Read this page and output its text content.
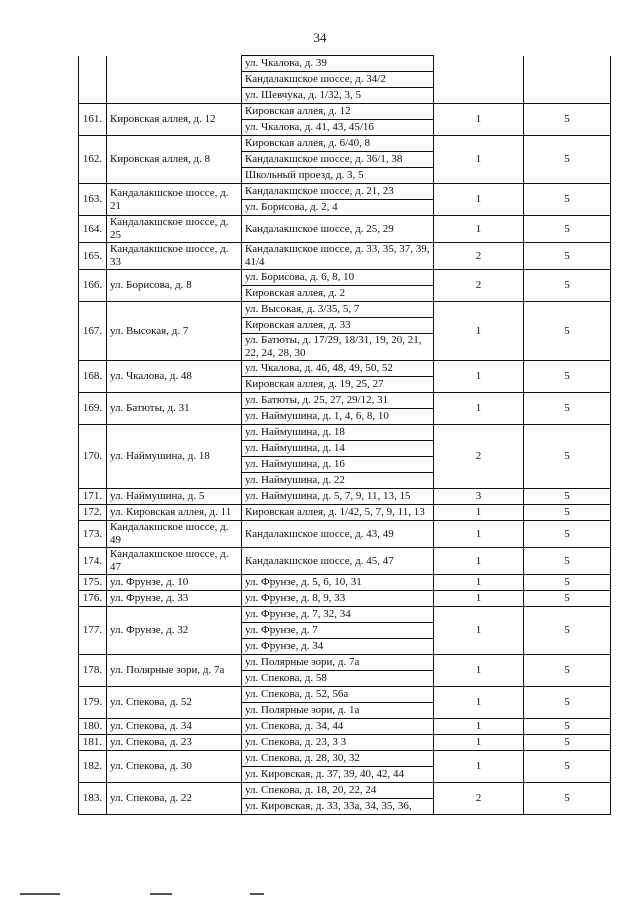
34
		ул. Чкалова, д. 39		
		Кандалакшское шоссе, д. 34/2		
		ул. Шевчука, д. 1/32, 3, 5		
161.	Кировская аллея, д. 12	Кировская аллея, д. 12	1	5
		ул. Чкалова, д. 41, 43, 45/16		
162.	Кировская аллея, д. 8	Кировская аллея, д. 6/40, 8	1	5
		Кандалакшское шоссе, д. 36/1, 38		
		Школьный проезд, д. 3, 5		
163.	Кандалакшское шоссе, д. 21	Кандалакшское шоссе, д. 21, 23	1	5
		ул. Борисова, д. 2, 4		
164.	Кандалакшское шоссе, д. 25	Кандалакшское шоссе, д. 25, 29	1	5
165.	Кандалакшское шоссе, д. 33	Кандалакшское шоссе, д. 33, 35, 37, 39, 41/4	2	5
166.	ул. Борисова, д. 8	ул. Борисова, д. 6, 8, 10	2	5
		Кировская аллея, д. 2		
167.	ул. Высокая, д. 7	ул. Высокая, д. 3/35, 5, 7	1	5
		Кировская аллея, д. 33		
		ул. Батюты, д. 17/29, 18/31, 19, 20, 21, 22, 24, 28, 30		
168.	ул. Чкалова, д. 48	ул. Чкалова, д. 46, 48, 49, 50, 52	1	5
		Кировская аллея, д. 19, 25, 27		
169.	ул. Батюты, д. 31	ул. Батюты, д. 25, 27, 29/12, 31	1	5
		ул. Наймушина, д. 1, 4, 6, 8, 10		
170.	ул. Наймушина, д. 18	ул. Наймушина, д. 18	2	5
		ул. Наймушина, д. 14		
		ул. Наймушина, д. 16		
		ул. Наймушина, д. 22		
171.	ул. Наймушина, д. 5	ул. Наймушина, д. 5, 7, 9, 11, 13, 15	3	5
172.	ул. Кировская аллея, д. 11	Кировская аллея, д. 1/42, 5, 7, 9, 11, 13	1	5
173.	Кандалакшское шоссе, д. 49	Кандалакшское шоссе, д. 43, 49	1	5
174.	Кандалакшское шоссе, д. 47	Кандалакшское шоссе, д. 45, 47	1	5
175.	ул. Фрунзе, д. 10	ул. Фрунзе, д. 5, 6, 10, 31	1	5
176.	ул. Фрунзе, д. 33	ул. Фрунзе, д. 8, 9, 33	1	5
177.	ул. Фрунзе, д. 32	ул. Фрунзе, д. 7, 32, 34	1	5
		ул. Фрунзе, д. 7		
		ул. Фрунзе, д. 34		
178.	ул. Полярные зори, д. 7а	ул. Полярные зори, д. 7а	1	5
		ул. Спекова, д. 58		
179.	ул. Спекова, д. 52	ул. Спекова, д. 52, 56а	1	5
		ул. Полярные зори, д. 1а		
180.	ул. Спекова, д. 34	ул. Спекова, д. 34, 44	1	5
181.	ул. Спекова, д. 23	ул. Спекова, д. 23, 3 3	1	5
182.	ул. Спекова, д. 30	ул. Спекова, д. 28, 30, 32	1	5
		ул. Кировская, д. 37, 39, 40, 42, 44		
183.	ул. Спекова, д. 22	ул. Спекова, д. 18, 20, 22, 24	2	5
		ул. Кировская, д. 33, 33а, 34, 35, 36,		
